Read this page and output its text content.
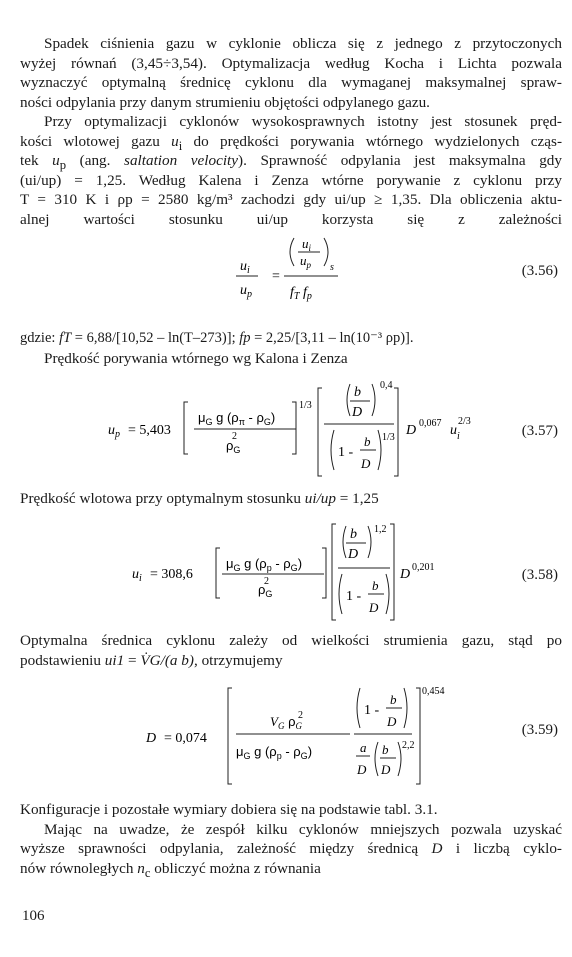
Spadek ciśnienia gazu w cyklonie oblicza się z jednego z przytoczonych
wyżej równań (3,45÷3,54). Optymalizacja według Kocha i Lichta pozwala
wyznaczyć optymalną średnicę cyklonu dla wymaganej maksymalnej spraw-
ności odpylania przy danym strumieniu objętości odpylanego gazu.
Przy optymalizacji cyklonów wysokosprawnych istotny jest stosunek pręd-
kości wlotowej gazu $u_i$ do prędkości porywania wtórnego wydzielonych cząs-
tek $u_p$ (ang. saltation velocity). Sprawność odpylania jest maksymalna gdy
(ui/up) = 1,25. Według Kalena i Zenza wtórne porywanie z cyklonu przy
T = 310 K i ρp = 2580 kg/m³ zachodzi gdy ui/up ≥ 1,35. Dla obliczenia aktu-
alnej wartości stosunku ui/up korzysta się z zależności
$u_i$
$u_p$
=
$u_i$
$u_p$ s
$f_T$ $f_p$
(3.56)
gdzie: fT = 6,88/[10,52 – ln(T–273)]; fp = 2,25/[3,11 – ln(10⁻³ ρp)].
Prędkość porywania wtórnego wg Kalona i Zenza
$u_p = 5,403$
$\mu_G$ g $(\rho_\pi - \rho_G)$
2
$\rho_G$
1/3
b
D
0,4
1 -
b
D
1/3 D 0,067 u i
2/3
(3.57)
Prędkość wlotowa przy optymalnym stosunku ui/up = 1,25
$u_i = 308,6$
$\mu_G$ g $(\rho_p - \rho_G)$
2
$\rho_G$
b
D
1,2
1 -
b
D
D 0,201	(3.58)
Optymalna średnica cyklonu zależy od wielkości strumienia gazu, stąd po
podstawieniu ui1 = V̇G/(a b), otrzymujemy
D = 0,074
$V_G$ $\rho_G$
2
$\mu_G$ g $(\rho_p - \rho_G)$
1 -
b
D
a
D
b
D
2,2
0,454
(3.59)
Konfiguracje i pozostałe wymiary dobiera się na podstawie tabl. 3.1.
Mając na uwadze, że zespół kilku cyklonów mniejszych pozwala uzyskać
wyższe sprawności odpylania, zależność między średnicą D i liczbą cyklo-
nów równoległych $n_c$ obliczyć można z równania
106
